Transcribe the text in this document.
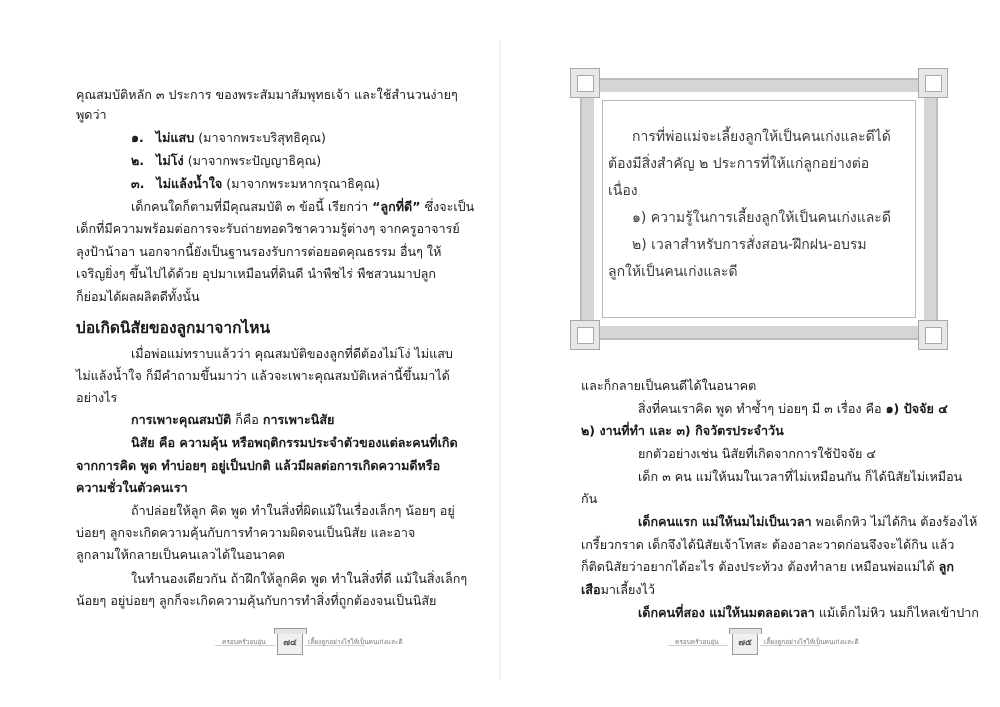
คุณสมบัติหลัก ๓ ประการ ของพระสัมมาสัมพุทธเจ้า และใช้สำนวนง่ายๆ
พูดว่า
๑. ไม่แสบ (มาจากพระบริสุทธิคุณ)
๒. ไม่โง่ (มาจากพระปัญญาธิคุณ)
๓. ไม่แล้งน้ำใจ (มาจากพระมหากรุณาธิคุณ)
เด็กคนใดก็ตามที่มีคุณสมบัติ ๓ ข้อนี้ เรียกว่า “ลูกที่ดี” ซึ่งจะเป็น
เด็กที่มีความพร้อมต่อการจะรับถ่ายทอดวิชาความรู้ต่างๆ จากครูอาจารย์
ลุงป้าน้าอา นอกจากนี้ยังเป็นฐานรองรับการต่อยอดคุณธรรม อื่นๆ ให้
เจริญยิ่งๆ ขึ้นไปได้ด้วย อุปมาเหมือนที่ดินดี นำพืชไร่ พืชสวนมาปลูก
ก็ย่อมได้ผลผลิตดีทั้งนั้น
บ่อเกิดนิสัยของลูกมาจากไหน
เมื่อพ่อแม่ทราบแล้วว่า คุณสมบัติของลูกที่ดีต้องไม่โง่ ไม่แสบ
ไม่แล้งน้ำใจ ก็มีคำถามขึ้นมาว่า แล้วจะเพาะคุณสมบัติเหล่านี้ขึ้นมาได้
อย่างไร
การเพาะคุณสมบัติ ก็คือ การเพาะนิสัย
นิสัย คือ ความคุ้น หรือพฤติกรรมประจำตัวของแต่ละคนที่เกิด
จากการคิด พูด ทำบ่อยๆ อยู่เป็นปกติ แล้วมีผลต่อการเกิดความดีหรือ
ความชั่วในตัวคนเรา
ถ้าปล่อยให้ลูก คิด พูด ทำในสิ่งที่ผิดแม้ในเรื่องเล็กๆ น้อยๆ อยู่
บ่อยๆ ลูกจะเกิดความคุ้นกับการทำความผิดจนเป็นนิสัย และอาจ
ลูกลามให้กลายเป็นคนเลวได้ในอนาคต
ในทำนองเดียวกัน ถ้าฝึกให้ลูกคิด พูด ทำในสิ่งที่ดี แม้ในสิ่งเล็กๆ
น้อยๆ อยู่บ่อยๆ ลูกก็จะเกิดความคุ้นกับการทำสิ่งที่ถูกต้องจนเป็นนิสัย
ครอบครัวอบอุ่น	๗๔	เลี้ยงลูกอย่างไรให้เป็นคนเก่งและดี
การที่พ่อแม่จะเลี้ยงลูกให้เป็นคนเก่งและดีได้
ต้องมีสิ่งสำคัญ ๒ ประการที่ให้แก่ลูกอย่างต่อ
เนื่อง
๑) ความรู้ในการเลี้ยงลูกให้เป็นคนเก่งและดี
๒) เวลาสำหรับการสั่งสอน-ฝึกฝน-อบรม
ลูกให้เป็นคนเก่งและดี
และก็กลายเป็นคนดีได้ในอนาคต
สิ่งที่คนเราคิด พูด ทำซ้ำๆ บ่อยๆ มี ๓ เรื่อง คือ ๑) ปัจจัย ๔
๒) งานที่ทำ และ ๓) กิจวัตรประจำวัน
ยกตัวอย่างเช่น นิสัยที่เกิดจากการใช้ปัจจัย ๔
เด็ก ๓ คน แม่ให้นมในเวลาที่ไม่เหมือนกัน ก็ได้นิสัยไม่เหมือน
กัน
เด็กคนแรก แม่ให้นมไม่เป็นเวลา พอเด็กหิว ไม่ได้กิน ต้องร้องไห้
เกรี้ยวกราด เด็กจึงได้นิสัยเจ้าโทสะ ต้องอาละวาดก่อนจึงจะได้กิน แล้ว
ก็ติดนิสัยว่าอยากได้อะไร ต้องประท้วง ต้องทำลาย เหมือนพ่อแม่ได้ ลูก
เสือมาเลี้ยงไว้
เด็กคนที่สอง แม่ให้นมตลอดเวลา แม้เด็กไม่หิว นมก็ไหลเข้าปาก
ครอบครัวอบอุ่น	๗๕	เลี้ยงลูกอย่างไรให้เป็นคนเก่งและดี
